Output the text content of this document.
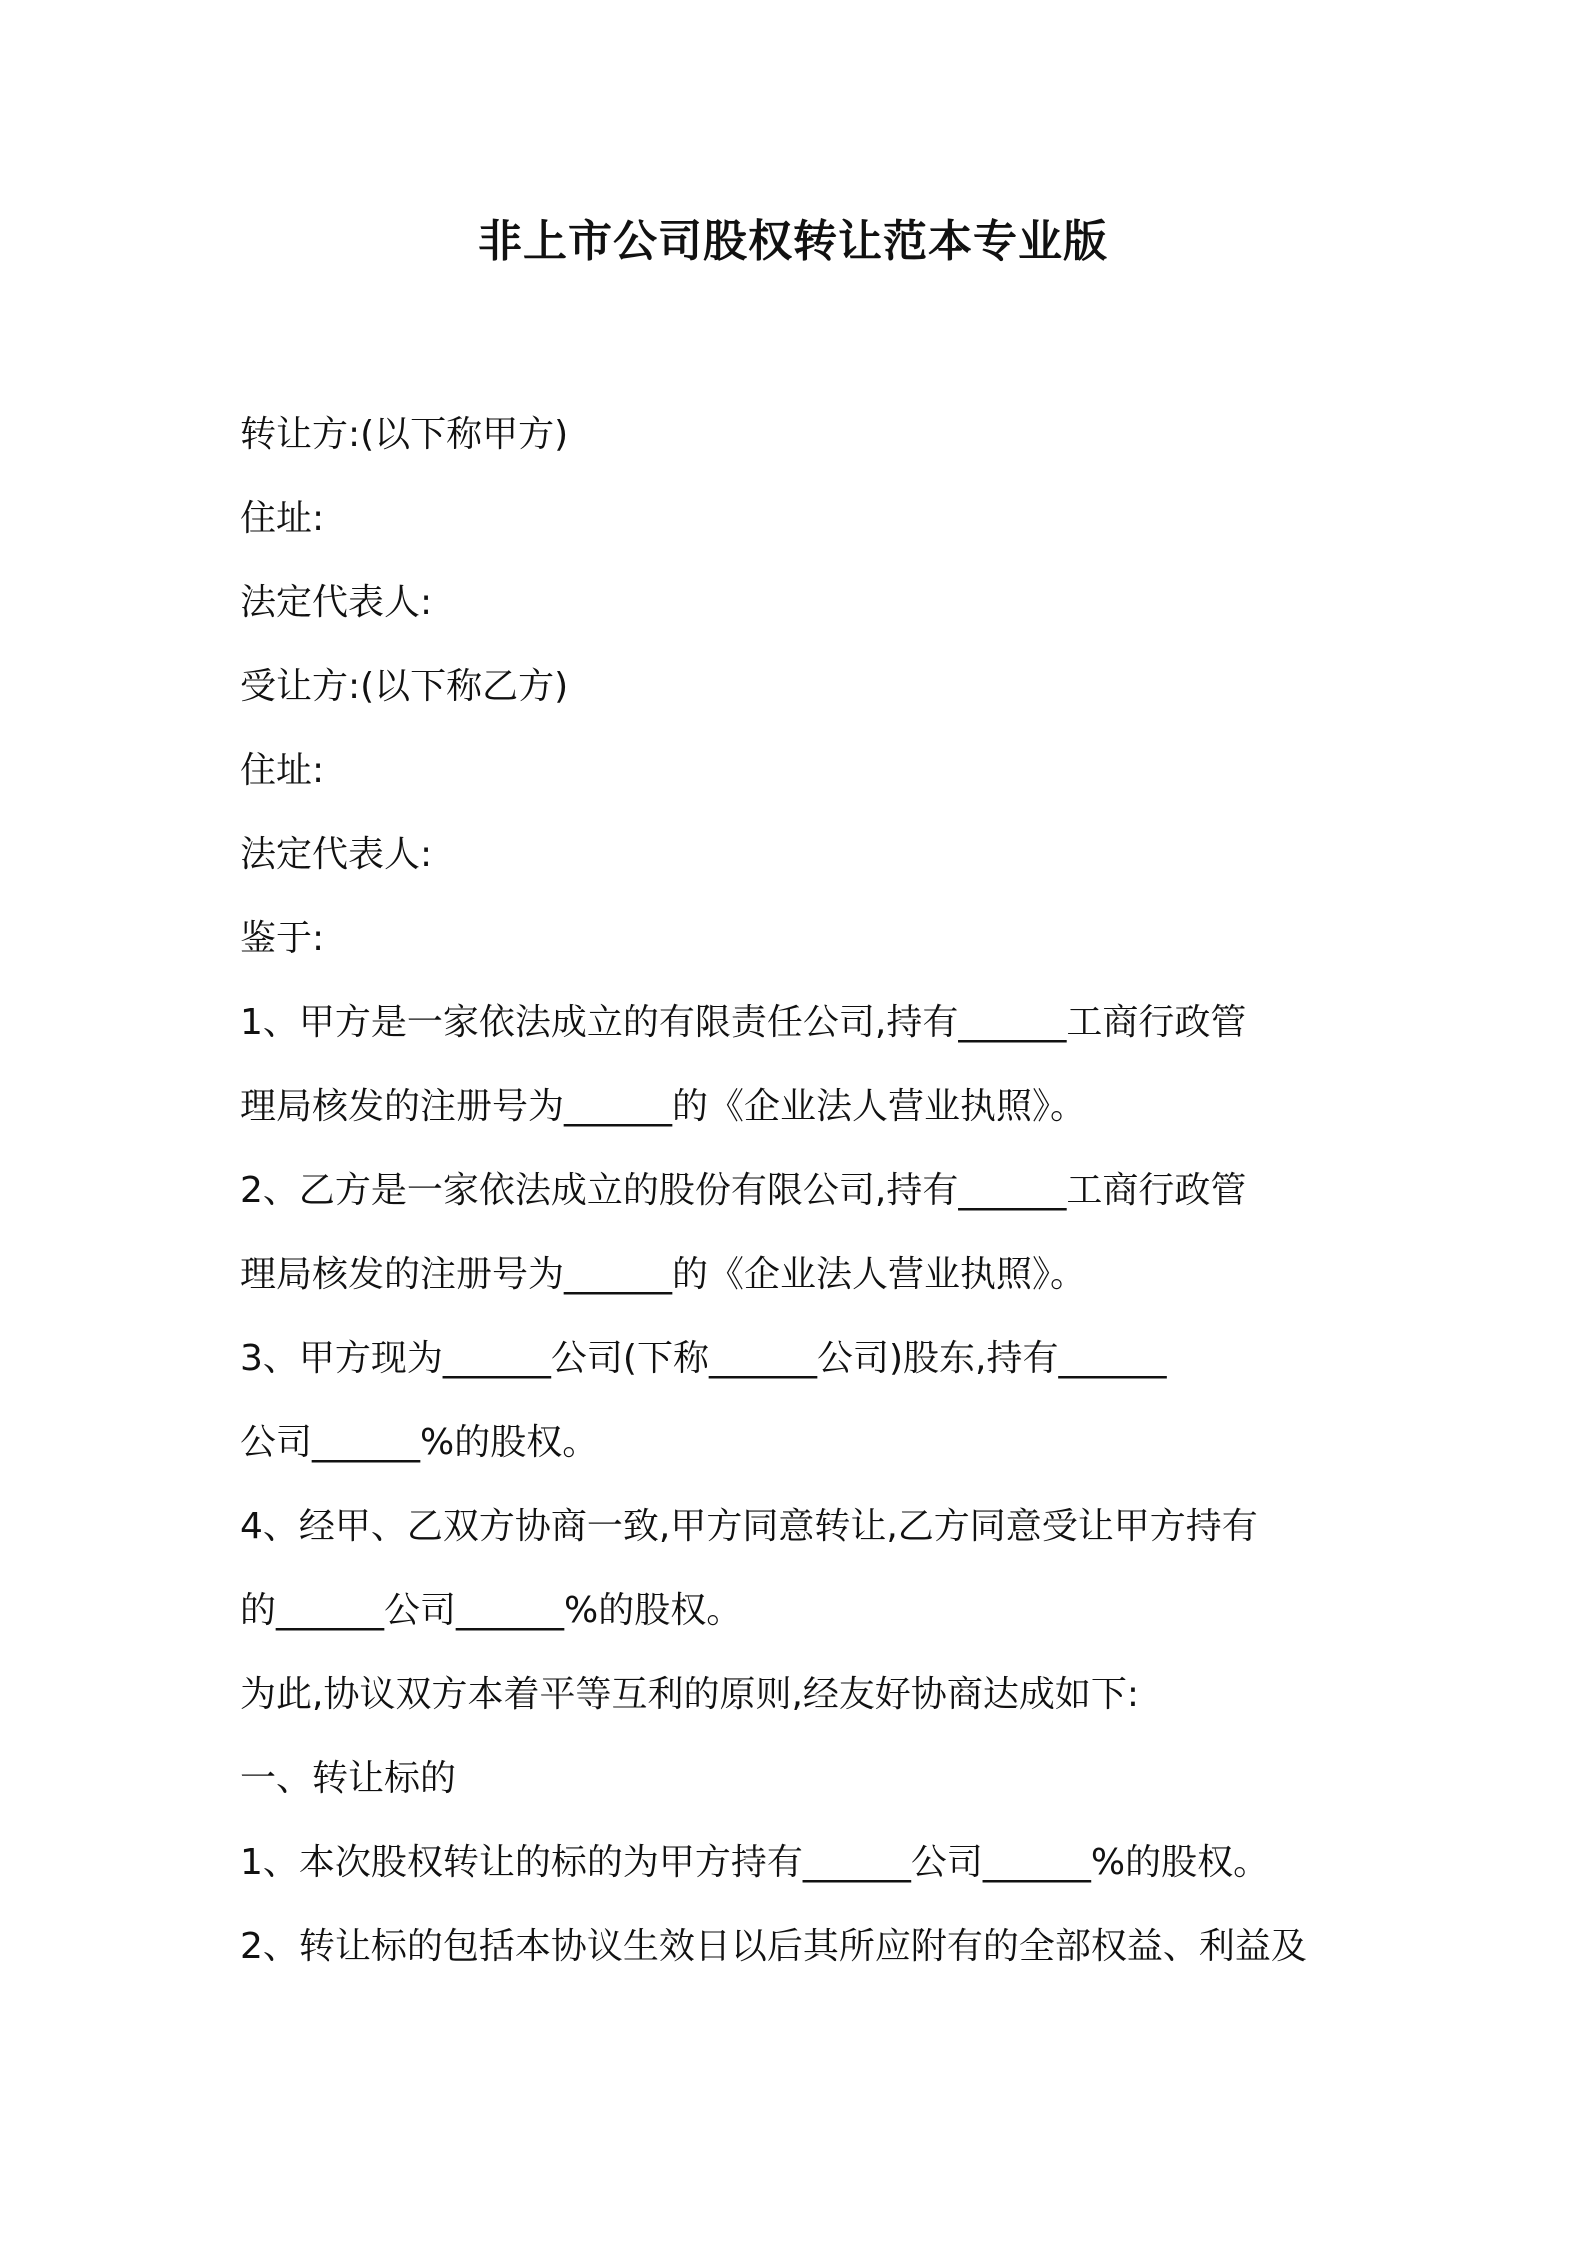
非上市公司股权转让范本专业版
转让方:(以下称甲方)
住址:
法定代表人:
受让方:(以下称乙方)
住址:
法定代表人:
鉴于:
1、甲方是一家依法成立的有限责任公司,持有______工商行政管
理局核发的注册号为______的《企业法人营业执照》。
2、乙方是一家依法成立的股份有限公司,持有______工商行政管
理局核发的注册号为______的《企业法人营业执照》。
3、甲方现为______公司(下称______公司)股东,持有______
公司______%的股权。
4、经甲、乙双方协商一致,甲方同意转让,乙方同意受让甲方持有
的______公司______%的股权。
为此,协议双方本着平等互利的原则,经友好协商达成如下:
一、转让标的
1、本次股权转让的标的为甲方持有______公司______%的股权。
2、转让标的包括本协议生效日以后其所应附有的全部权益、利益及
